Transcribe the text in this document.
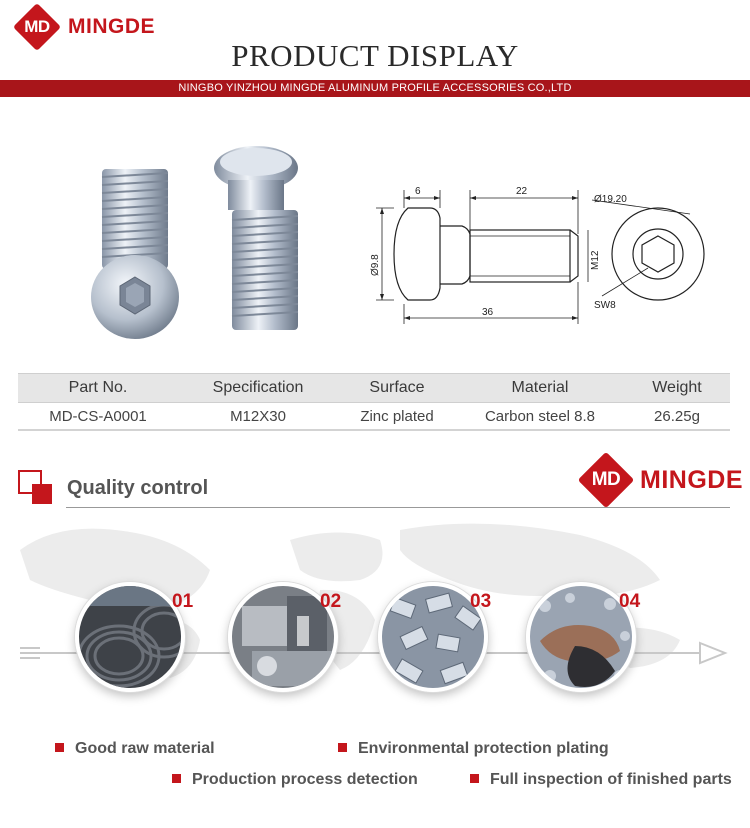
MD MINGDE
PRODUCT DISPLAY
NINGBO YINZHOU MINGDE ALUMINUM PROFILE ACCESSORIES CO.,LTD
6	22
36
Ø19.20
SW8
Ø9.8	M12
Part No.	Specification	Surface	Material	Weight
MD-CS-A0001	M12X30	Zinc plated	Carbon steel 8.8	26.25g
Quality control	MD MINGDE
01	02	03	04
Good raw material	Environmental protection plating
Production process detection	Full inspection of finished parts
